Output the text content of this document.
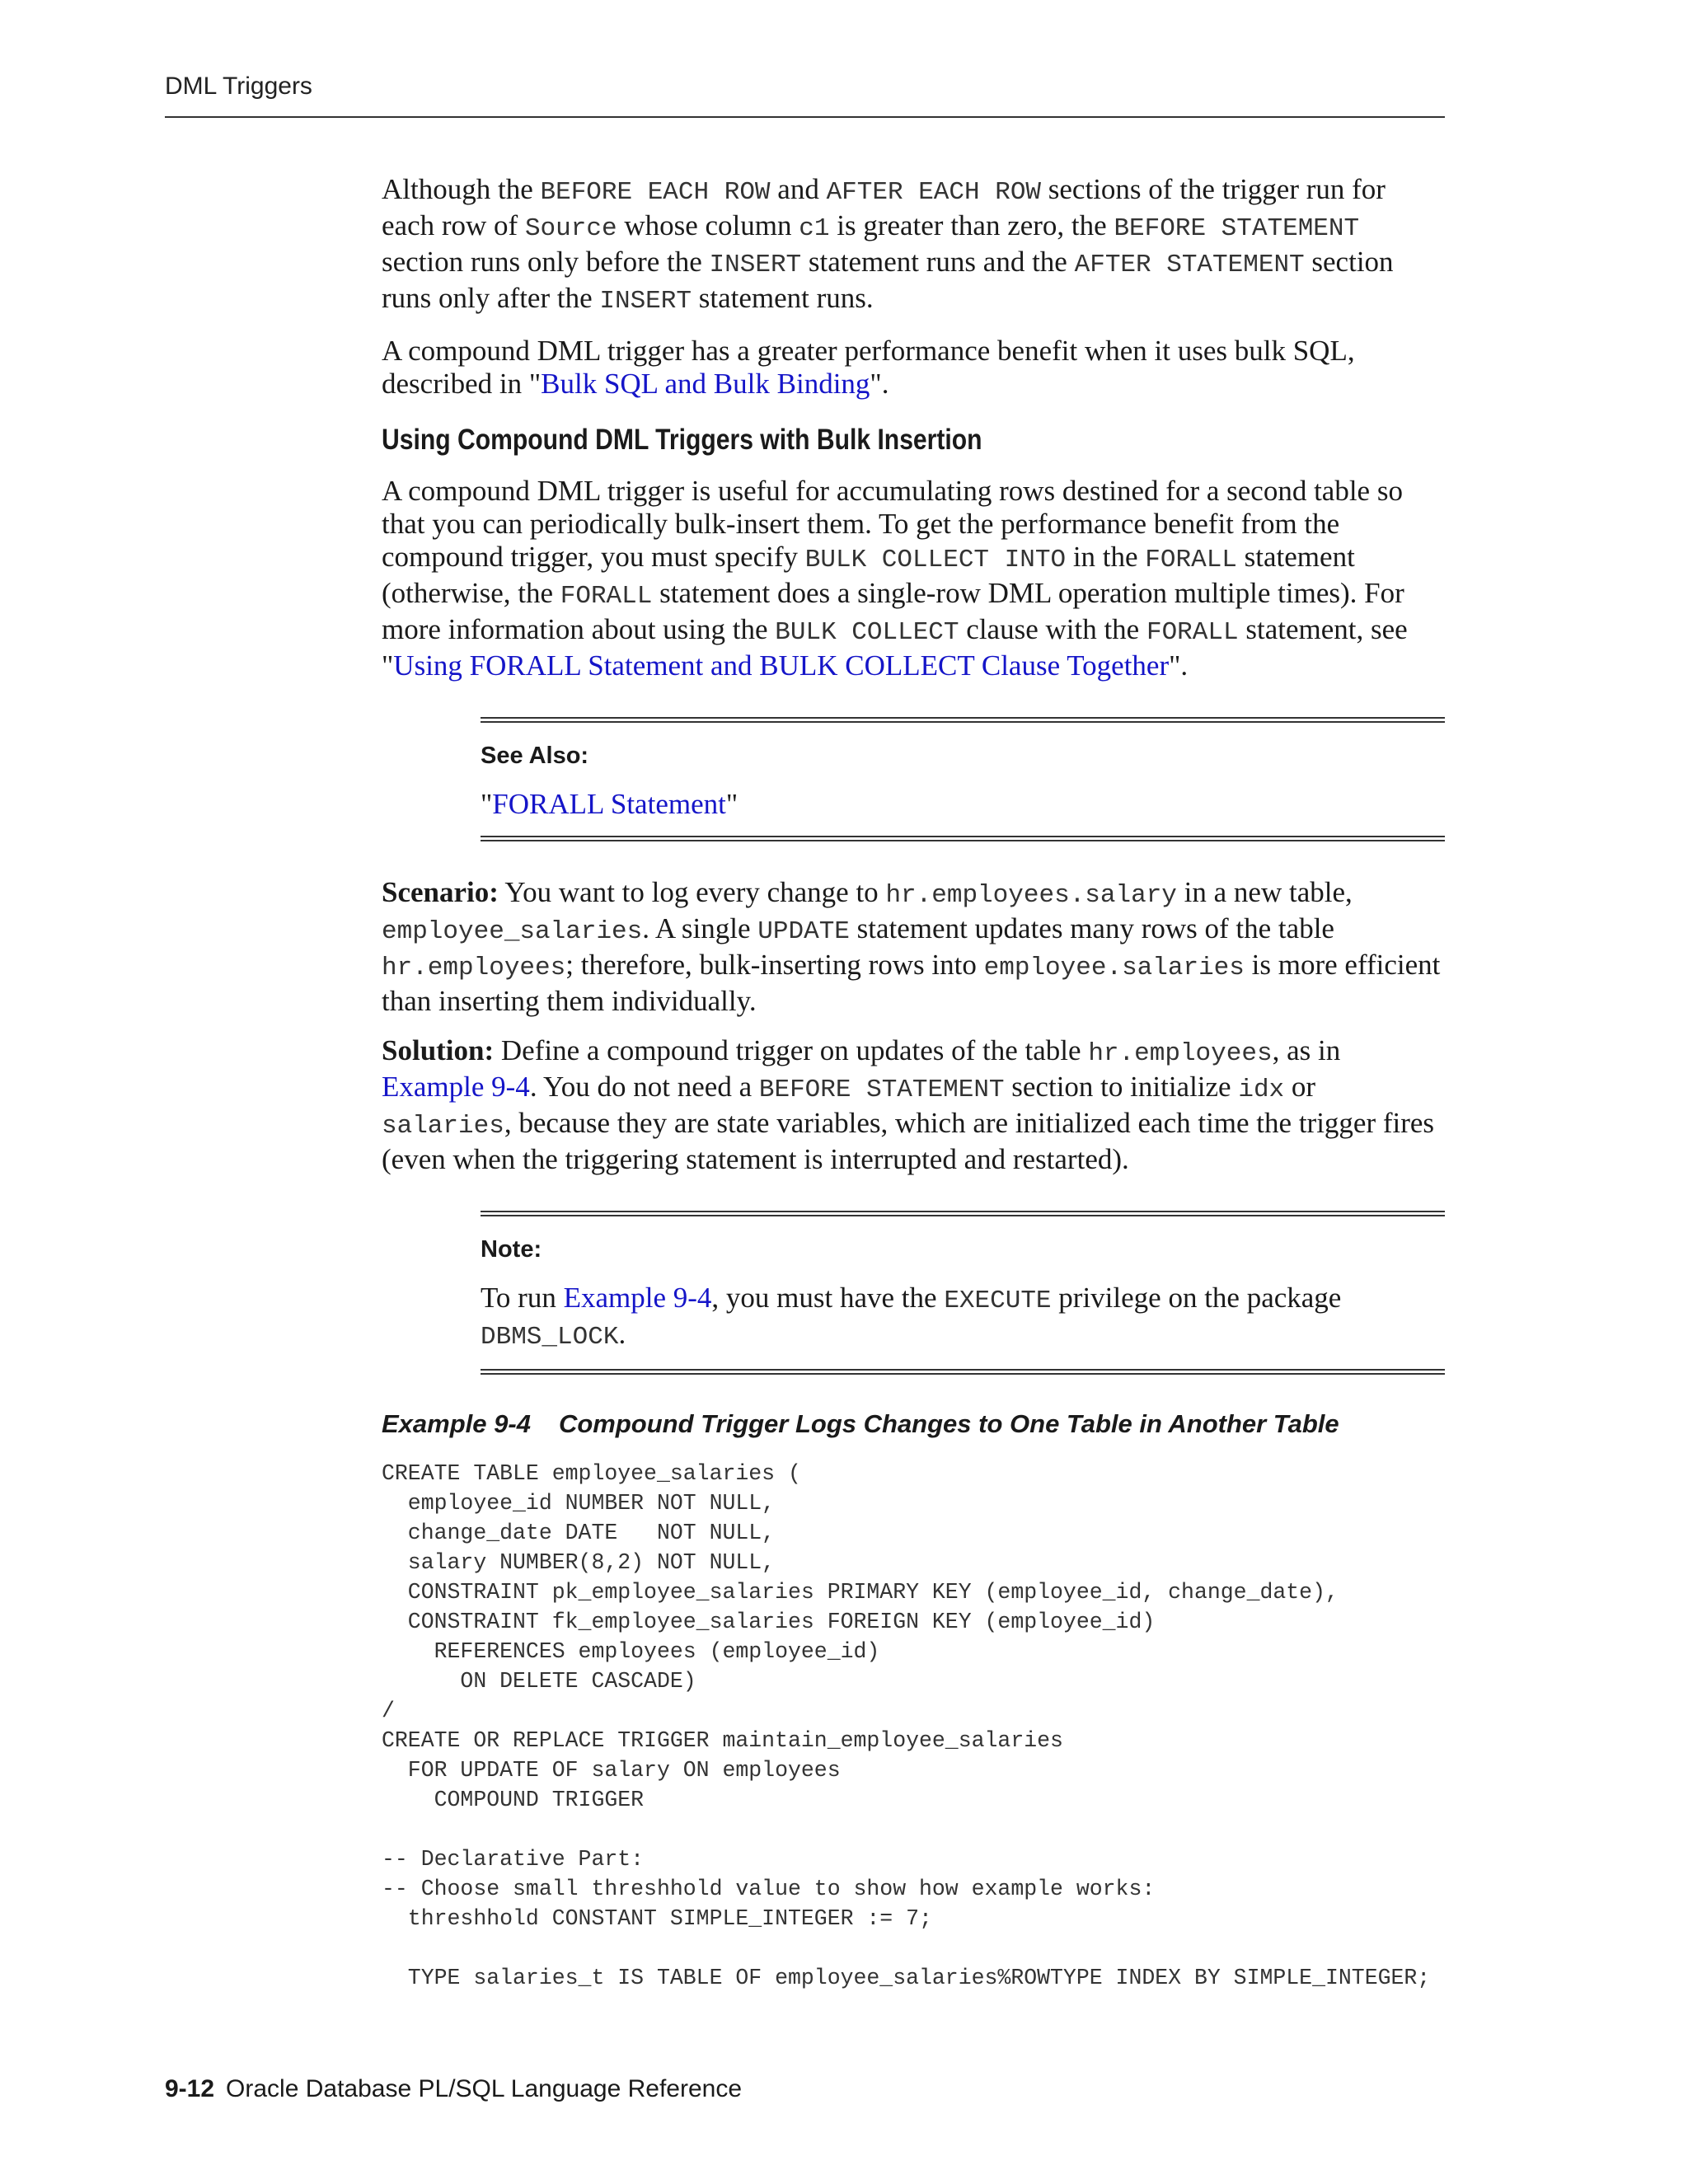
DML Triggers

Although the BEFORE EACH ROW and AFTER EACH ROW sections of the trigger run for each row of Source whose column c1 is greater than zero, the BEFORE STATEMENT section runs only before the INSERT statement runs and the AFTER STATEMENT section runs only after the INSERT statement runs.

A compound DML trigger has a greater performance benefit when it uses bulk SQL, described in "Bulk SQL and Bulk Binding".

Using Compound DML Triggers with Bulk Insertion

A compound DML trigger is useful for accumulating rows destined for a second table so that you can periodically bulk-insert them. To get the performance benefit from the compound trigger, you must specify BULK COLLECT INTO in the FORALL statement (otherwise, the FORALL statement does a single-row DML operation multiple times). For more information about using the BULK COLLECT clause with the FORALL statement, see "Using FORALL Statement and BULK COLLECT Clause Together".

See Also:

"FORALL Statement"

Scenario: You want to log every change to hr.employees.salary in a new table, employee_salaries. A single UPDATE statement updates many rows of the table hr.employees; therefore, bulk-inserting rows into employee.salaries is more efficient than inserting them individually.

Solution: Define a compound trigger on updates of the table hr.employees, as in Example 9-4. You do not need a BEFORE STATEMENT section to initialize idx or salaries, because they are state variables, which are initialized each time the trigger fires (even when the triggering statement is interrupted and restarted).

Note:

To run Example 9-4, you must have the EXECUTE privilege on the package DBMS_LOCK.

Example 9-4 Compound Trigger Logs Changes to One Table in Another Table
CREATE TABLE employee_salaries (
employee_id NUMBER NOT NULL,
change_date DATE   NOT NULL,
salary NUMBER(8,2) NOT NULL,
CONSTRAINT pk_employee_salaries PRIMARY KEY (employee_id, change_date),
CONSTRAINT fk_employee_salaries FOREIGN KEY (employee_id)
REFERENCES employees (employee_id)
ON DELETE CASCADE)
/
CREATE OR REPLACE TRIGGER maintain_employee_salaries
FOR UPDATE OF salary ON employees
COMPOUND TRIGGER

-- Declarative Part:
-- Choose small threshhold value to show how example works:
threshhold CONSTANT SIMPLE_INTEGER := 7;

TYPE salaries_t IS TABLE OF employee_salaries%ROWTYPE INDEX BY SIMPLE_INTEGER;
9-12 Oracle Database PL/SQL Language Reference
